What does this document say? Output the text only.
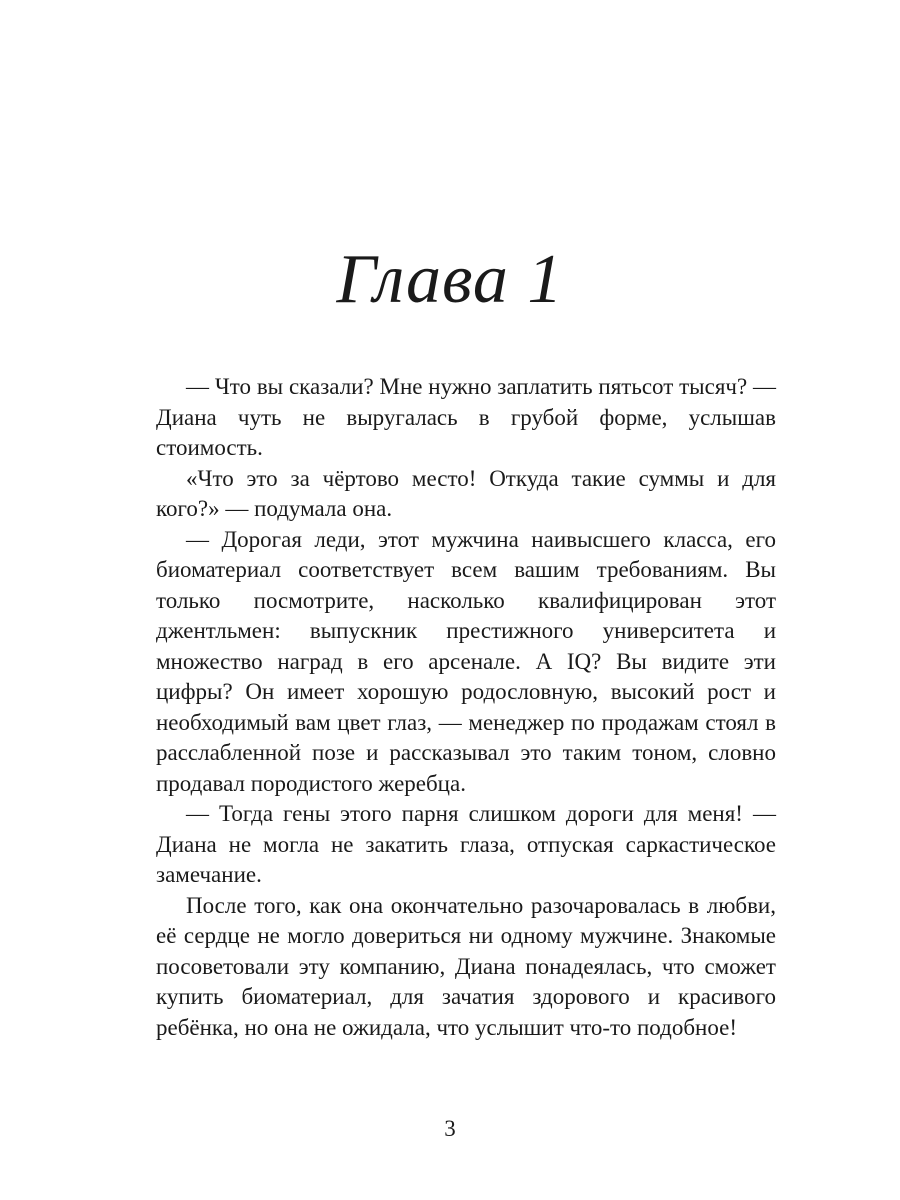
Глава 1

— Что вы сказали? Мне нужно заплатить пятьсот тысяч? — Диана чуть не выругалась в грубой форме, услышав стоимость.

«Что это за чёртово место! Откуда такие суммы и для кого?» — подумала она.

— Дорогая леди, этот мужчина наивысшего класса, его биоматериал соответствует всем вашим требованиям. Вы только посмотрите, насколько квалифицирован этот джентльмен: выпускник престижного университета и множество наград в его арсенале. А IQ? Вы видите эти цифры? Он имеет хорошую родословную, высокий рост и необходимый вам цвет глаз, — менеджер по продажам стоял в расслабленной позе и рассказывал это таким тоном, словно продавал породистого жеребца.

— Тогда гены этого парня слишком дороги для меня! — Диана не могла не закатить глаза, отпуская саркастическое замечание.

После того, как она окончательно разочаровалась в любви, её сердце не могло довериться ни одному мужчине. Знакомые посоветовали эту компанию, Диана понадеялась, что сможет купить биоматериал, для зачатия здорового и красивого ребёнка, но она не ожидала, что услышит что-то подобное!

3
